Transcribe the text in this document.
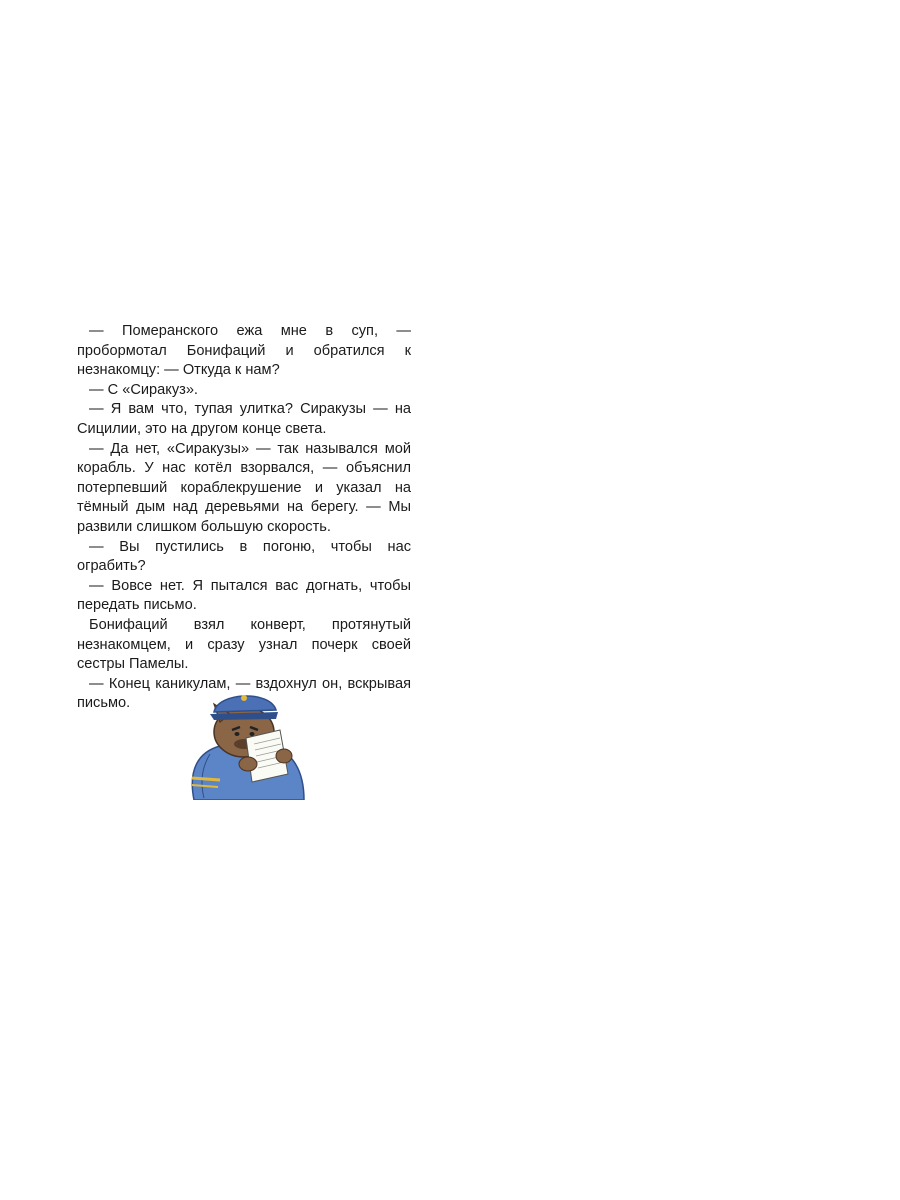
— Померанского ежа мне в суп, — пробормотал Бонифаций и обратился к незнакомцу: — Откуда к нам?

— С «Сиракуз».

— Я вам что, тупая улитка? Сиракузы — на Сицилии, это на другом конце света.

— Да нет, «Сиракузы» — так назывался мой корабль. У нас котёл взорвался, — объяснил потерпевший кораблекрушение и указал на тёмный дым над деревьями на берегу. — Мы развили слишком большую скорость.

— Вы пустились в погоню, чтобы нас ограбить?

— Вовсе нет. Я пытался вас догнать, чтобы передать письмо.

Бонифаций взял конверт, протянутый незнакомцем, и сразу узнал почерк своей сестры Памелы.

— Конец каникулам, — вздохнул он, вскрывая письмо.
